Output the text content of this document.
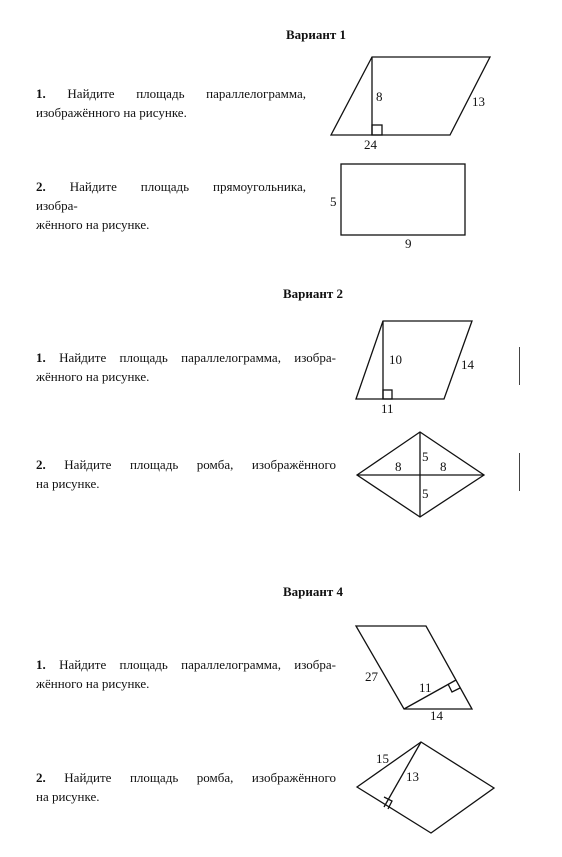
Вариант 1
1. Найдите площадь параллелограмма,
изображённого на рисунке.
2. Найдите площадь прямоугольника,
изобра-
жённого на рисунке.
Вариант 2
1. Найдите площадь параллелограмма, изобра-
жённого на рисунке.
2. Найдите площадь ромба, изображённого
на рисунке.
Вариант 4
1. Найдите площадь параллелограмма, изобра-
жённого на рисунке.
2. Найдите площадь ромба, изображённого
на рисунке.
8	13
24
5
9
10	14
11
8	8
5
5
27
11
14
15
13
